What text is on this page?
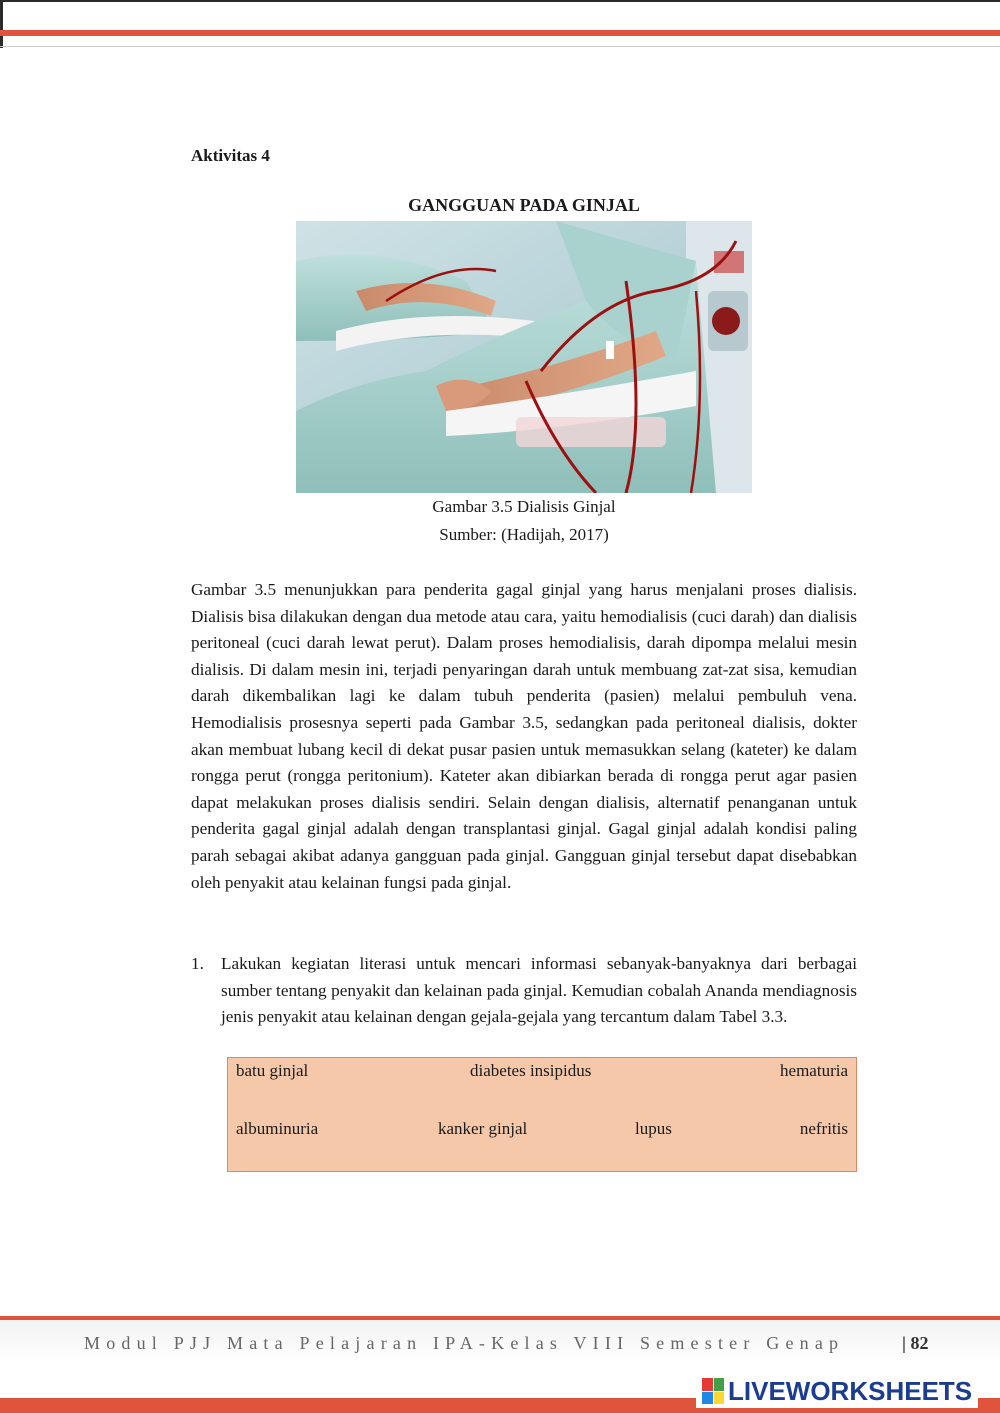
Aktivitas 4
GANGGUAN PADA GINJAL
Gambar 3.5 Dialisis Ginjal
Sumber: (Hadijah, 2017)
Gambar 3.5 menunjukkan para penderita gagal ginjal yang harus menjalani proses dialisis. Dialisis bisa dilakukan dengan dua metode atau cara, yaitu hemodialisis (cuci darah) dan dialisis peritoneal (cuci darah lewat perut). Dalam proses hemodialisis, darah dipompa melalui mesin dialisis. Di dalam mesin ini, terjadi penyaringan darah untuk membuang zat-zat sisa, kemudian darah dikembalikan lagi ke dalam tubuh penderita (pasien) melalui pembuluh vena. Hemodialisis prosesnya seperti pada Gambar 3.5, sedangkan pada peritoneal dialisis, dokter akan membuat lubang kecil di dekat pusar pasien untuk memasukkan selang (kateter) ke dalam rongga perut (rongga peritonium). Kateter akan dibiarkan berada di rongga perut agar pasien dapat melakukan proses dialisis sendiri. Selain dengan dialisis, alternatif penanganan untuk penderita gagal ginjal adalah dengan transplantasi ginjal. Gagal ginjal adalah kondisi paling parah sebagai akibat adanya gangguan pada ginjal. Gangguan ginjal tersebut dapat disebabkan oleh penyakit atau kelainan fungsi pada ginjal.
1. Lakukan kegiatan literasi untuk mencari informasi sebanyak-banyaknya dari berbagai sumber tentang penyakit dan kelainan pada ginjal. Kemudian cobalah Ananda mendiagnosis jenis penyakit atau kelainan dengan gejala-gejala yang tercantum dalam Tabel 3.3.
batu ginjal	diabetes insipidus	hematuria
albuminuria	kanker ginjal	lupus	nefritis
Modul PJJ Mata Pelajaran IPA-Kelas VIII Semester Genap	| 82
LIVEWORKSHEETS
